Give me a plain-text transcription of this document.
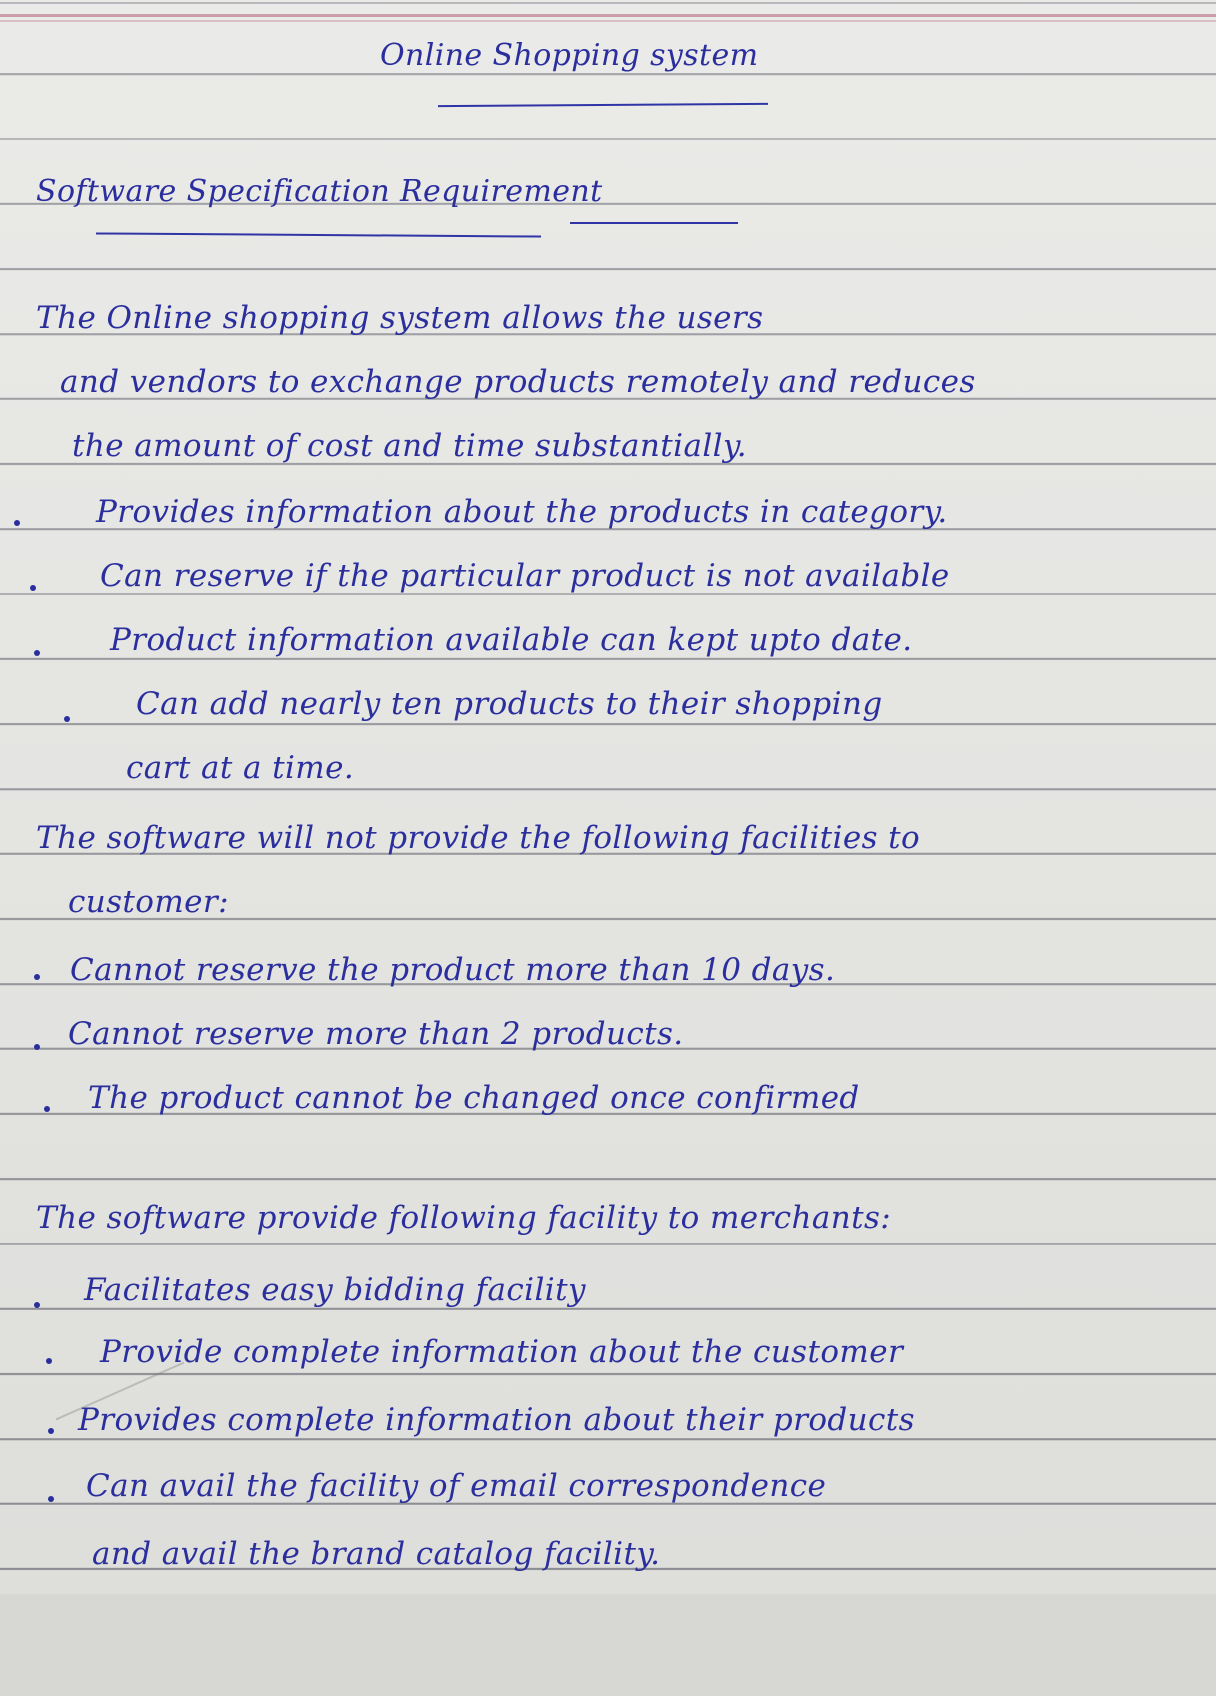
Online Shopping system
Software Specification Requirement
The Online shopping system allows the users
and vendors to exchange products remotely and reduces
the amount of cost and time substantially.
Provides information about the products in category.
Can reserve if the particular product is not available
Product information available can kept upto date.
Can add nearly ten products to their shopping
cart at a time.
The software will not provide the following facilities to
customer:
Cannot reserve the product more than 10 days.
Cannot reserve more than 2 products.
The product cannot be changed once confirmed
The software provide following facility to merchants:
Facilitates easy bidding facility
Provide complete information about the customer
Provides complete information about their products
Can avail the facility of email correspondence
and avail the brand catalog facility.
